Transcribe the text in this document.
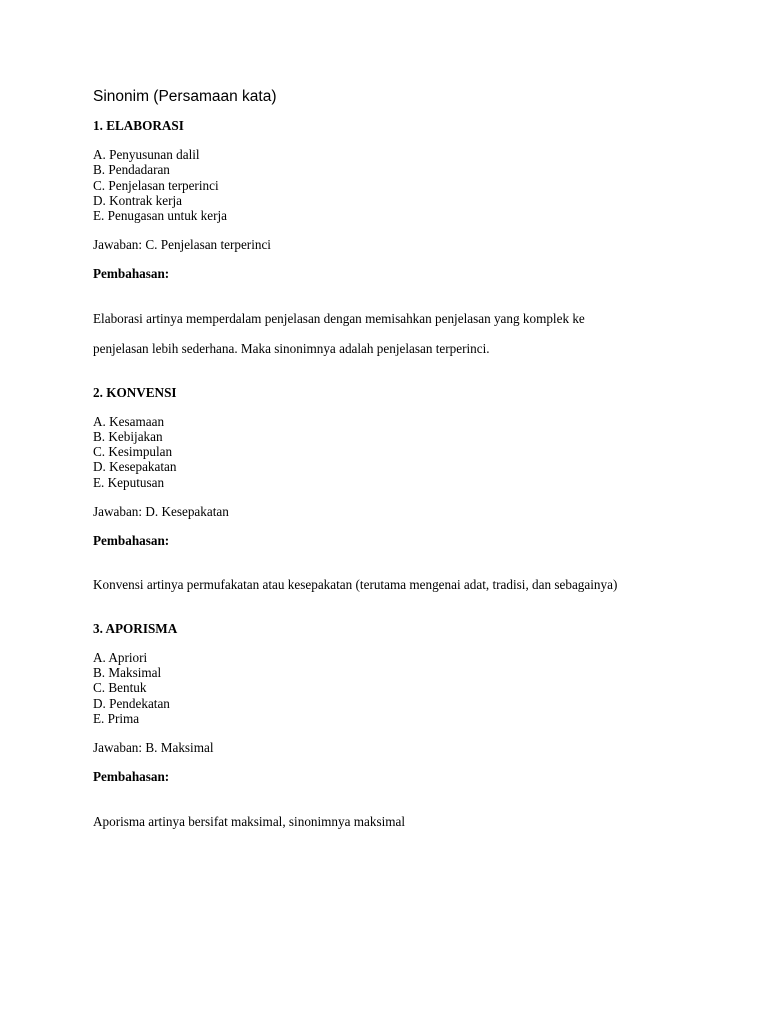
Sinonim (Persamaan kata)
1. ELABORASI
A. Penyusunan dalil
B. Pendadaran
C. Penjelasan terperinci
D. Kontrak kerja
E. Penugasan untuk kerja
Jawaban: C. Penjelasan terperinci
Pembahasan:

Elaborasi artinya memperdalam penjelasan dengan memisahkan penjelasan yang komplek ke

penjelasan lebih sederhana. Maka sinonimnya adalah penjelasan terperinci.

2. KONVENSI
A. Kesamaan
B. Kebijakan
C. Kesimpulan
D. Kesepakatan
E. Keputusan
Jawaban: D. Kesepakatan
Pembahasan:

Konvensi artinya permufakatan atau kesepakatan (terutama mengenai adat, tradisi, dan sebagainya)

3. APORISMA
A. Apriori
B. Maksimal
C. Bentuk
D. Pendekatan
E. Prima
Jawaban: B. Maksimal
Pembahasan:

Aporisma artinya bersifat maksimal, sinonimnya maksimal
